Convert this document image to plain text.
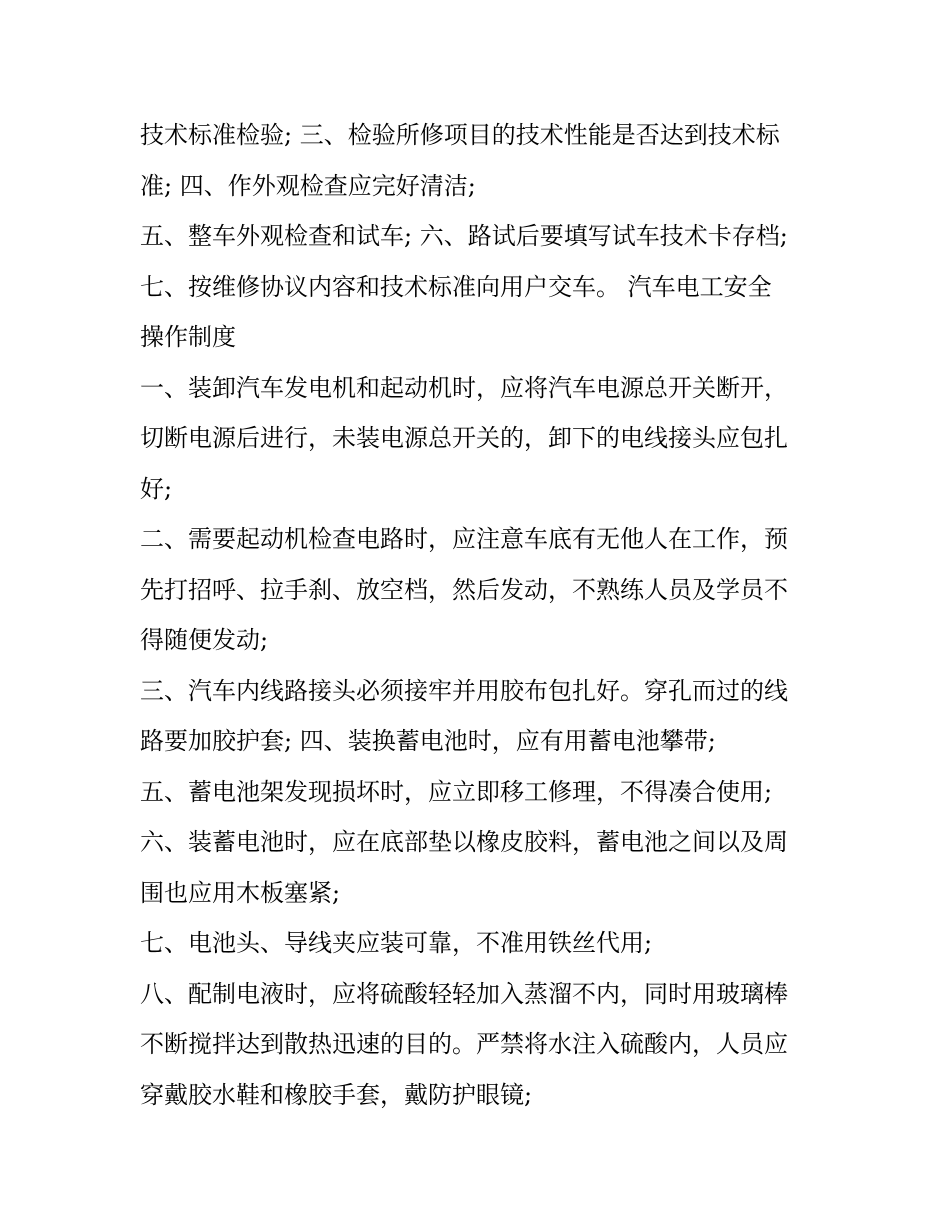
技术标准检验; 三、检验所修项目的技术性能是否达到技术标
准; 四、作外观检查应完好清洁;
五、整车外观检查和试车; 六、路试后要填写试车技术卡存档;
七、按维修协议内容和技术标准向用户交车。 汽车电工安全
操作制度
一、装卸汽车发电机和起动机时，应将汽车电源总开关断开，
切断电源后进行，未装电源总开关的，卸下的电线接头应包扎
好;
二、需要起动机检查电路时，应注意车底有无他人在工作，预
先打招呼、拉手刹、放空档，然后发动，不熟练人员及学员不
得随便发动;
三、汽车内线路接头必须接牢并用胶布包扎好。穿孔而过的线
路要加胶护套; 四、装换蓄电池时，应有用蓄电池攀带;
五、蓄电池架发现损坏时，应立即移工修理，不得凑合使用;
六、装蓄电池时，应在底部垫以橡皮胶料，蓄电池之间以及周
围也应用木板塞紧;
七、电池头、导线夹应装可靠，不准用铁丝代用;
八、配制电液时，应将硫酸轻轻加入蒸溜不内，同时用玻璃棒
不断搅拌达到散热迅速的目的。严禁将水注入硫酸内，人员应
穿戴胶水鞋和橡胶手套，戴防护眼镜;
